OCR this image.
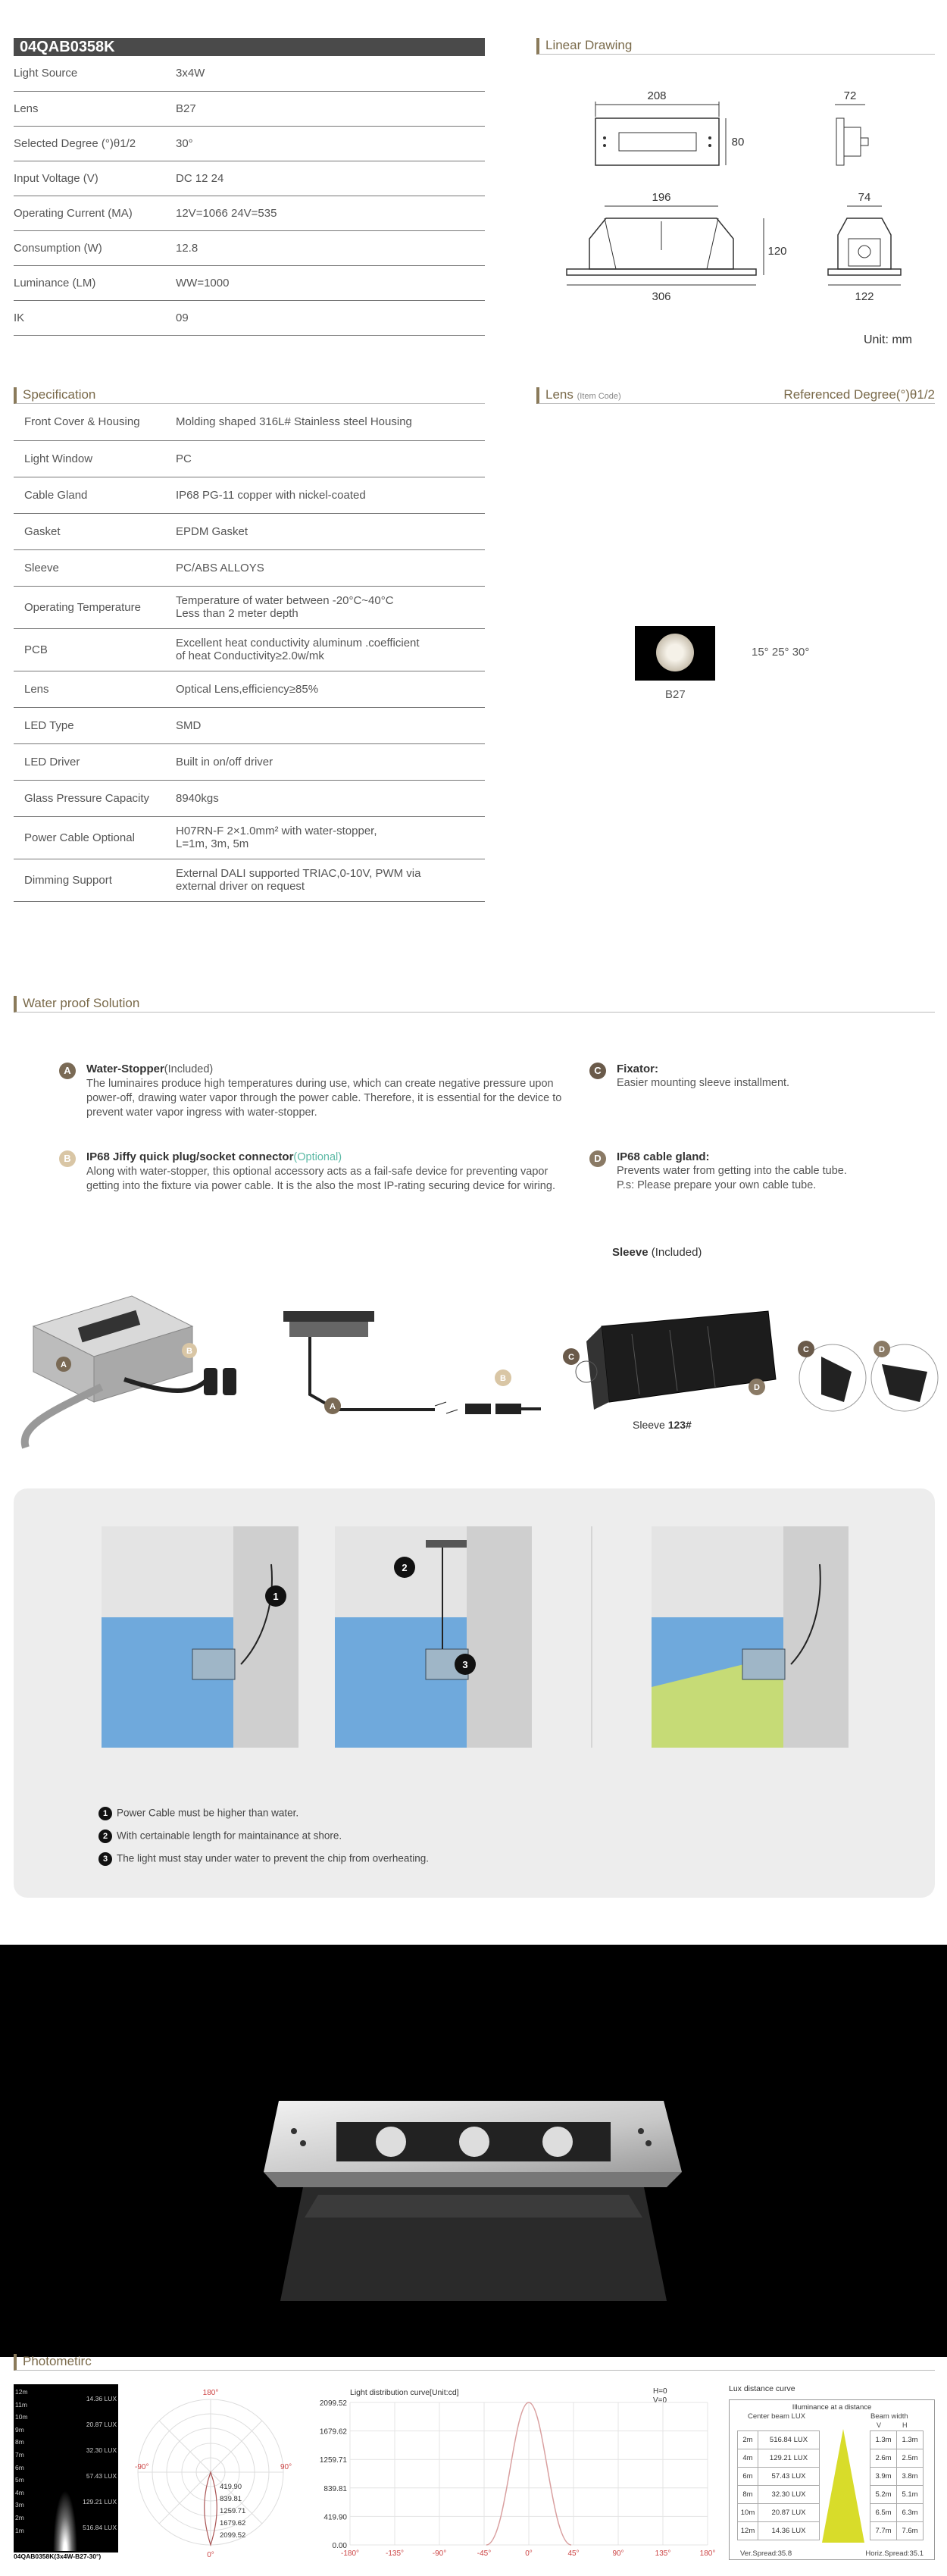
04QAB0358K
Light Source	3x4W
Lens	B27
Selected Degree (°)θ1/2	30°
Input Voltage (V)	DC 12 24
Operating Current (MA)	12V=1066 24V=535
Consumption (W)	12.8
Luminance (LM)	WW=1000
IK	09
Linear Drawing
208
80
72
196
120
306
74
122
Unit: mm
Specification
Front Cover & Housing	Molding shaped 316L# Stainless steel Housing

Light Window	PC

Cable Gland	IP68 PG-11 copper with nickel-coated

Gasket	EPDM Gasket

Sleeve	PC/ABS ALLOYS

Operating Temperature	Temperature of water between -20°C~40°C
Less than 2 meter depth

PCB	Excellent heat conductivity aluminum .coefficient
of heat Conductivity≥2.0w/mk

Lens	Optical Lens,efficiency≥85%

LED Type	SMD

LED Driver	Built in on/off driver

Glass Pressure Capacity	8940kgs

Power Cable Optional	H07RN-F 2×1.0mm² with water-stopper,
L=1m, 3m, 5m

Dimming Support	External DALI supported TRIAC,0-10V, PWM via
external driver on request
Lens (Item Code)	Referenced Degree(°)θ1/2
B27
15° 25° 30°
Water proof Solution
A	Water-Stopper(Included)
The luminaires produce high temperatures during use, which can create negative pressure upon power-off, drawing water vapor through the power cable. Therefore, it is essential for the device to prevent water vapor ingress with water-stopper.
B	IP68 Jiffy quick plug/socket connector(Optional)
Along with water-stopper, this optional accessory acts as a fail-safe device for preventing vapor getting into the fixture via power cable. It is the also the most IP-rating securing device for wiring.
C	Fixator:
Easier mounting sleeve installment.
D	IP68 cable gland:
Prevents water from getting into the cable tube.
P.s: Please prepare your own cable tube.
B
A
A
B
C
D
C	D
Sleeve (Included)
Sleeve 123#
1
2
3
1 Power Cable must be higher than water.
2 With certainable length for maintainance at shore.
3 The light must stay under water to prevent the chip from overheating.
Photometirc
12m
11m
10m
9m
8m
7m
6m
5m
4m
3m
2m
1m
14.36 LUX
20.87 LUX
32.30 LUX
57.43 LUX
129.21 LUX
516.84 LUX
04QAB0358K(3x4W-B27-30°)
180°
-90°	90°
0°
419.90
839.81
1259.71
1679.62
2099.52
Light distribution curve[Unit:cd]	H=0
V=0
2099.52
1679.62
1259.71
839.81
419.90
0.00
-180°	-135°	-90°	-45°	0°	45°	90°	135°	180°
Lux distance curve
Illuminance at a distance
Center beam LUX	Beam width
V	H
2m	516.84 LUX		1.3m	1.3m
4m	129.21 LUX		2.6m	2.5m
6m	57.43 LUX		3.9m	3.8m
8m	32.30 LUX		5.2m	5.1m
10m	20.87 LUX		6.5m	6.3m
12m	14.36 LUX		7.7m	7.6m
Ver.Spread:35.8	Horiz.Spread:35.1
